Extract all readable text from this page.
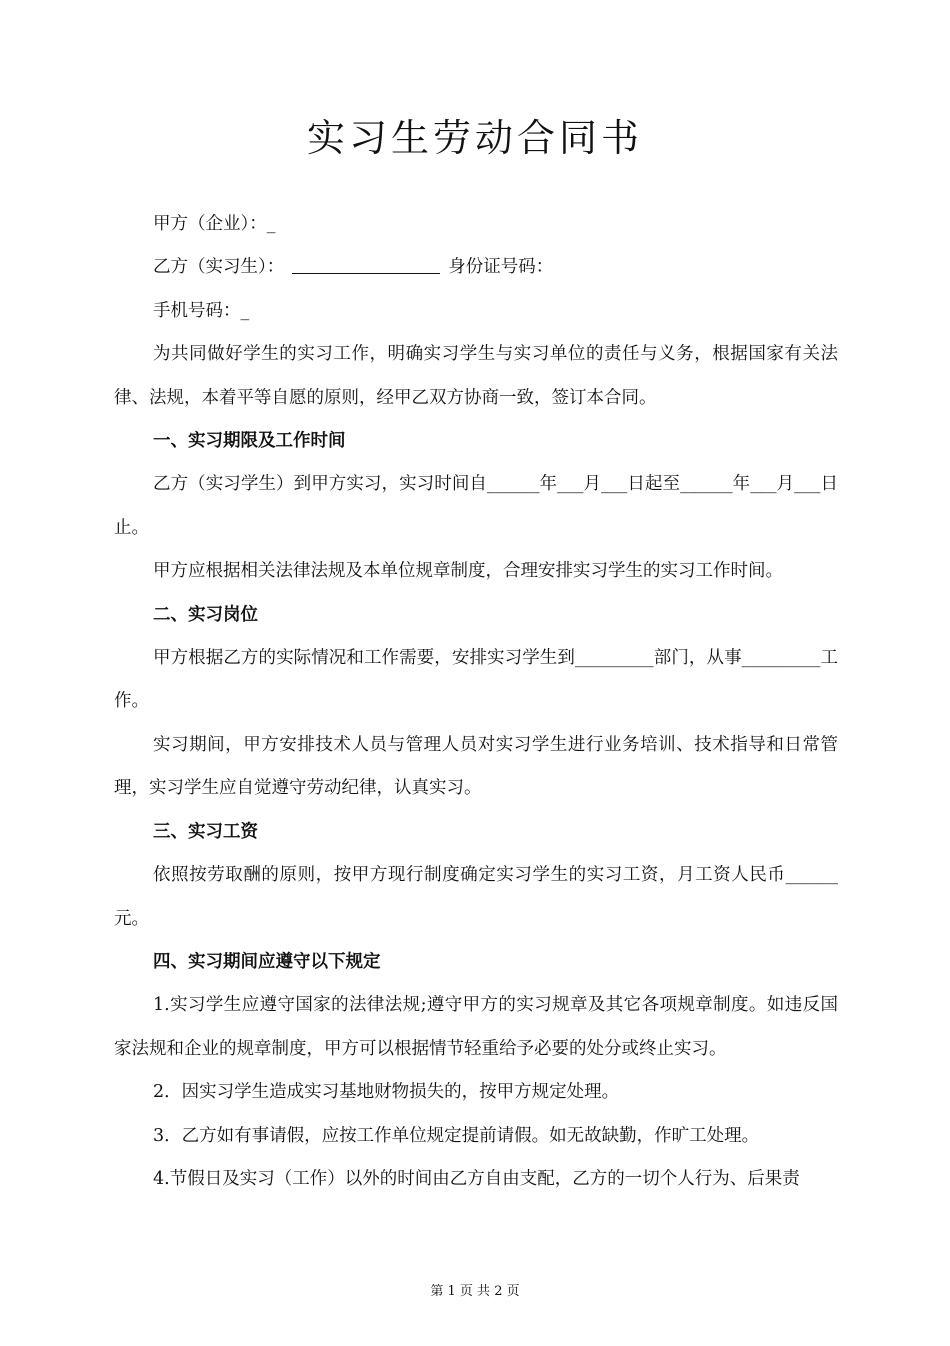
实习生劳动合同书

甲方（企业）：_

乙方（实习生）：	身份证号码：

手机号码：_

为共同做好学生的实习工作，明确实习学生与实习单位的责任与义务，根据国家有关法律、法规，本着平等自愿的原则，经甲乙双方协商一致，签订本合同。

一、实习期限及工作时间

乙方（实习学生）到甲方实习，实习时间自______年___月___日起至______年___月___日止。

甲方应根据相关法律法规及本单位规章制度，合理安排实习学生的实习工作时间。

二、实习岗位

甲方根据乙方的实际情况和工作需要，安排实习学生到_________部门，从事_________工作。

实习期间，甲方安排技术人员与管理人员对实习学生进行业务培训、技术指导和日常管理，实习学生应自觉遵守劳动纪律，认真实习。

三、实习工资

依照按劳取酬的原则，按甲方现行制度确定实习学生的实习工资，月工资人民币______元。

四、实习期间应遵守以下规定

1.实习学生应遵守国家的法律法规;遵守甲方的实习规章及其它各项规章制度。如违反国家法规和企业的规章制度，甲方可以根据情节轻重给予必要的处分或终止实习。

2．因实习学生造成实习基地财物损失的，按甲方规定处理。

3．乙方如有事请假，应按工作单位规定提前请假。如无故缺勤，作旷工处理。

4.节假日及实习（工作）以外的时间由乙方自由支配，乙方的一切个人行为、后果责

第 1 页 共 2 页
